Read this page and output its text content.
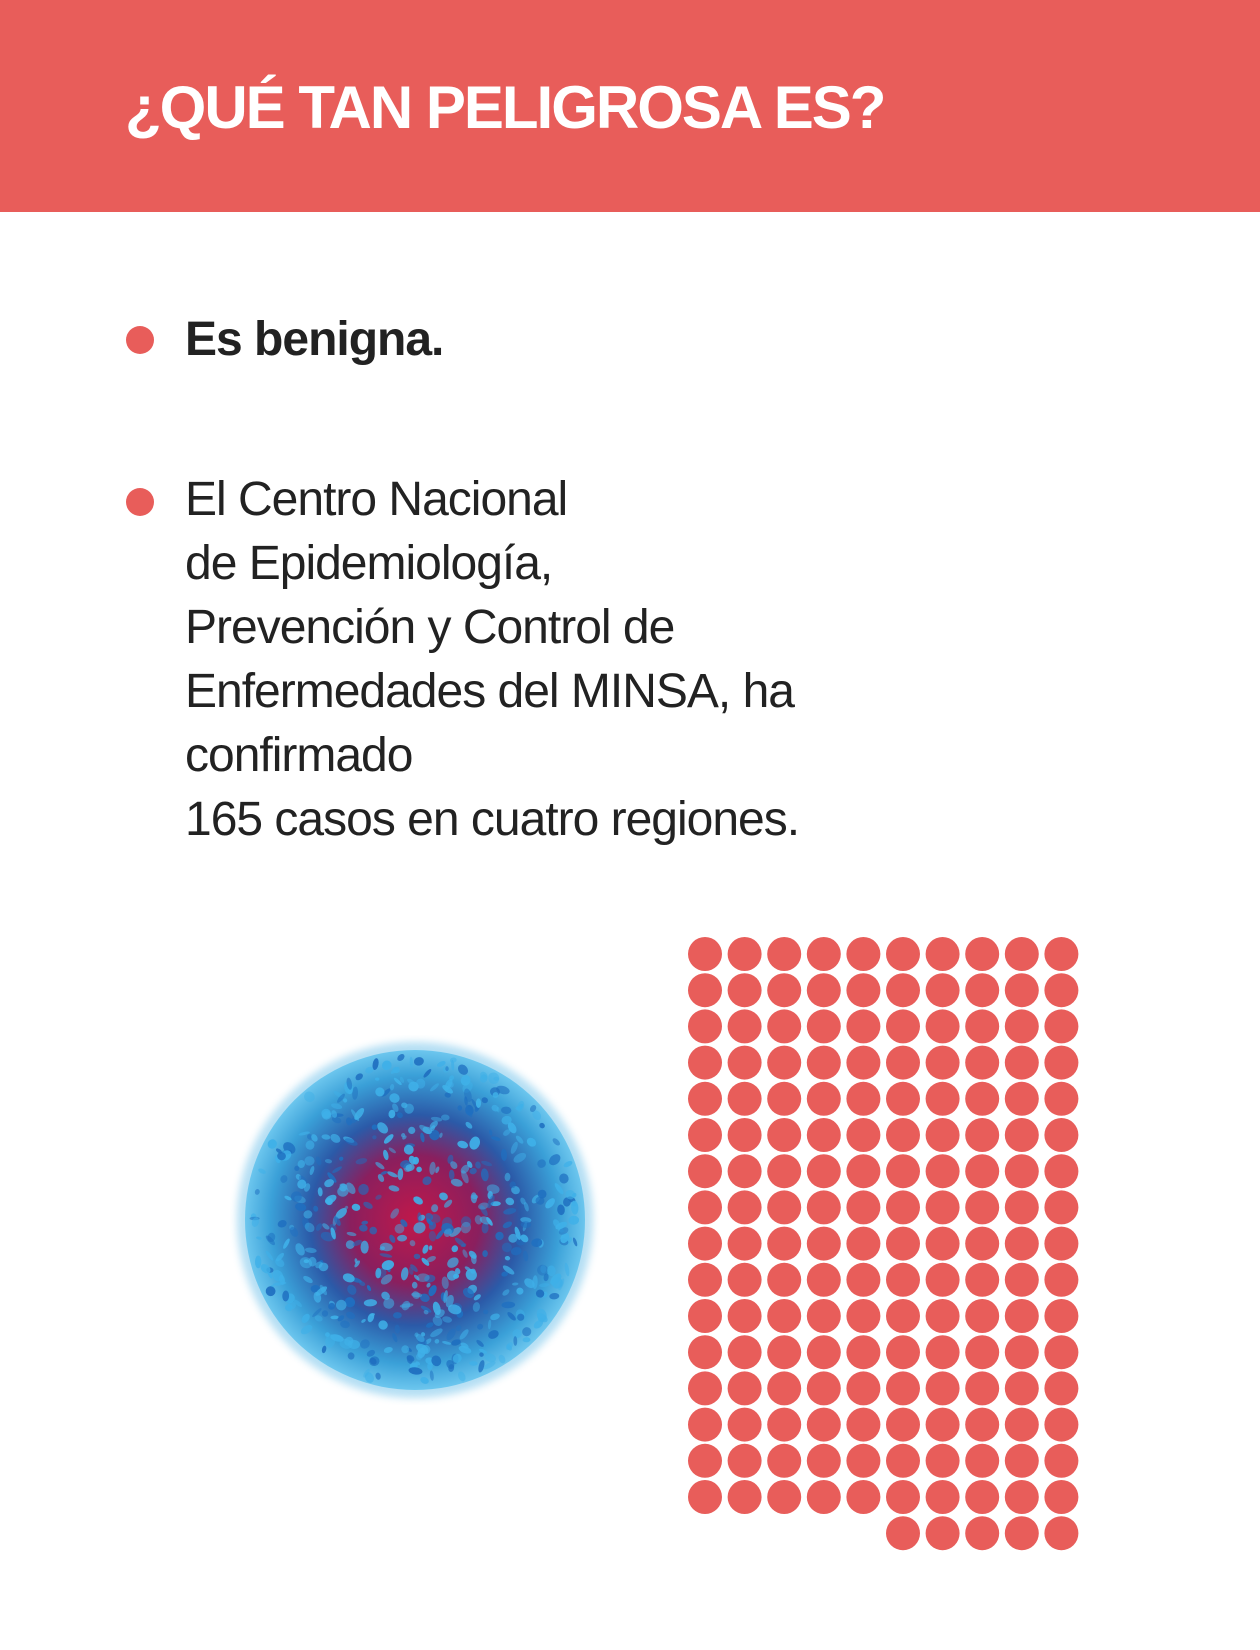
¿QUÉ TAN PELIGROSA ES?

Es benigna.

El Centro Nacional
de Epidemiología,
Prevención y Control de
Enfermedades del MINSA, ha
confirmado
165 casos en cuatro regiones.
